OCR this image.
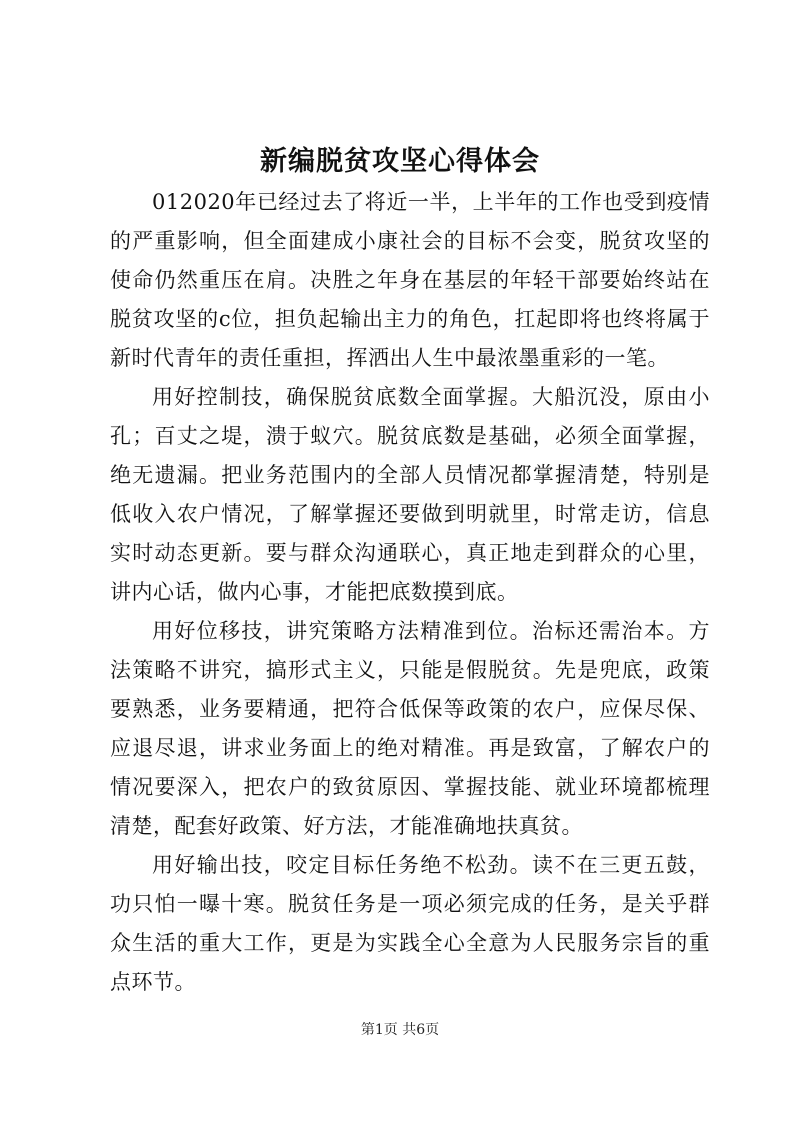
新编脱贫攻坚心得体会

012020年已经过去了将近一半，上半年的工作也受到疫情的严重影响，但全面建成小康社会的目标不会变，脱贫攻坚的使命仍然重压在肩。决胜之年身在基层的年轻干部要始终站在脱贫攻坚的c位，担负起输出主力的角色，扛起即将也终将属于新时代青年的责任重担，挥洒出人生中最浓墨重彩的一笔。

用好控制技，确保脱贫底数全面掌握。大船沉没，原由小孔；百丈之堤，溃于蚁穴。脱贫底数是基础，必须全面掌握，绝无遗漏。把业务范围内的全部人员情况都掌握清楚，特别是低收入农户情况，了解掌握还要做到明就里，时常走访，信息实时动态更新。要与群众沟通联心，真正地走到群众的心里，讲内心话，做内心事，才能把底数摸到底。

用好位移技，讲究策略方法精准到位。治标还需治本。方法策略不讲究，搞形式主义，只能是假脱贫。先是兜底，政策要熟悉，业务要精通，把符合低保等政策的农户，应保尽保、应退尽退，讲求业务面上的绝对精准。再是致富，了解农户的情况要深入，把农户的致贫原因、掌握技能、就业环境都梳理清楚，配套好政策、好方法，才能准确地扶真贫。

用好输出技，咬定目标任务绝不松劲。读不在三更五鼓，功只怕一曝十寒。脱贫任务是一项必须完成的任务，是关乎群众生活的重大工作，更是为实践全心全意为人民服务宗旨的重点环节。

第1页 共6页
